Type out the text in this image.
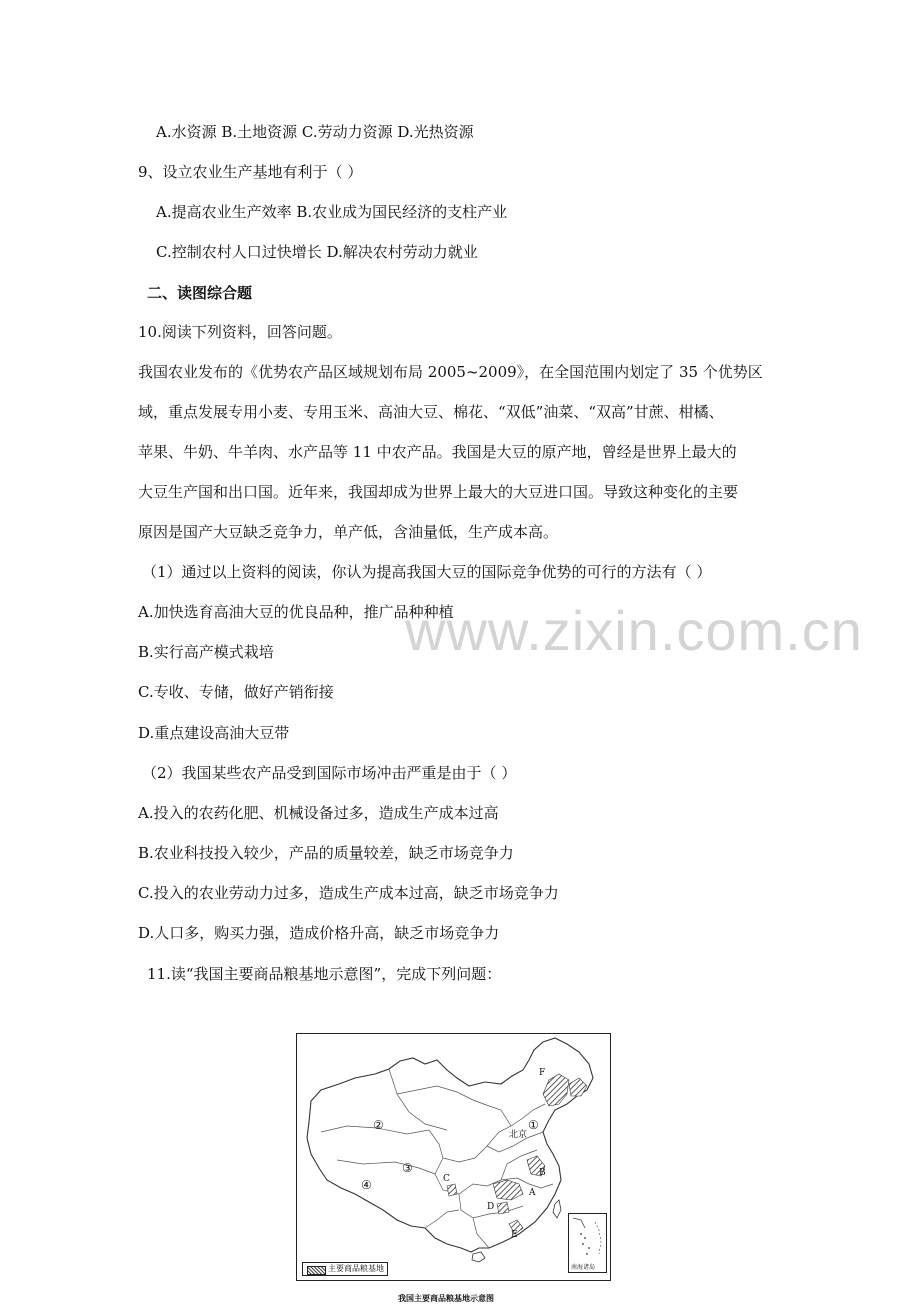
A.水资源 B.土地资源 C.劳动力资源 D.光热资源
9、设立农业生产基地有利于（ ）
A.提高农业生产效率 B.农业成为国民经济的支柱产业
C.控制农村人口过快增长 D.解决农村劳动力就业
二、读图综合题
10.阅读下列资料，回答问题。
我国农业发布的《优势农产品区域规划布局 2005~2009》，在全国范围内划定了 35 个优势区
域，重点发展专用小麦、专用玉米、高油大豆、棉花、“双低”油菜、“双高”甘蔗、柑橘、
苹果、牛奶、牛羊肉、水产品等 11 中农产品。我国是大豆的原产地，曾经是世界上最大的
大豆生产国和出口国。近年来，我国却成为世界上最大的大豆进口国。导致这种变化的主要
原因是国产大豆缺乏竞争力，单产低，含油量低，生产成本高。
（1）通过以上资料的阅读，你认为提高我国大豆的国际竞争优势的可行的方法有（ ）
A.加快选育高油大豆的优良品种，推广品种种植
B.实行高产模式栽培
C.专收、专储，做好产销衔接
D.重点建设高油大豆带
（2）我国某些农产品受到国际市场冲击严重是由于（ ）
A.投入的农药化肥、机械设备过多，造成生产成本过高
B.农业科技投入较少，产品的质量较差，缺乏市场竞争力
C.投入的农业劳动力过多，造成生产成本过高，缺乏市场竞争力
D.人口多，购买力强，造成价格升高，缺乏市场竞争力
11.读“我国主要商品粮基地示意图”，完成下列问题：
www.zixin.com.cn
①
②
③
④
北京
A
B
C
D
E
F
主要商品粮基地	南海诸岛
我国主要商品粮基地示意图
